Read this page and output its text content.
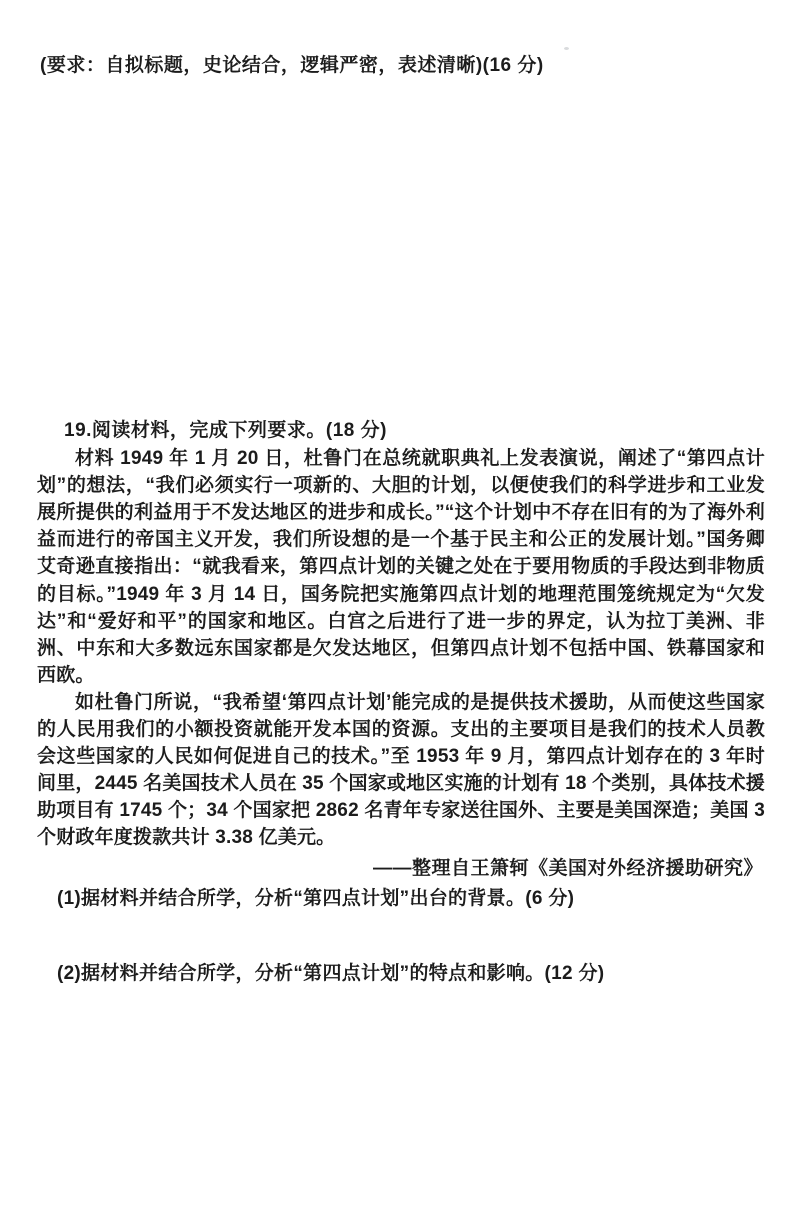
(要求：自拟标题，史论结合，逻辑严密，表述清晰)(16 分)

19.阅读材料，完成下列要求。(18 分)

材料 1949 年 1 月 20 日，杜鲁门在总统就职典礼上发表演说，阐述了“第四点计划”的想法，“我们必须实行一项新的、大胆的计划，以便使我们的科学进步和工业发展所提供的利益用于不发达地区的进步和成长。”“这个计划中不存在旧有的为了海外利益而进行的帝国主义开发，我们所设想的是一个基于民主和公正的发展计划。”国务卿艾奇逊直接指出：“就我看来，第四点计划的关键之处在于要用物质的手段达到非物质的目标。”1949 年 3 月 14 日，国务院把实施第四点计划的地理范围笼统规定为“欠发达”和“爱好和平”的国家和地区。白宫之后进行了进一步的界定，认为拉丁美洲、非洲、中东和大多数远东国家都是欠发达地区，但第四点计划不包括中国、铁幕国家和西欧。

如杜鲁门所说，“我希望‘第四点计划’能完成的是提供技术援助，从而使这些国家的人民用我们的小额投资就能开发本国的资源。支出的主要项目是我们的技术人员教会这些国家的人民如何促进自己的技术。”至 1953 年 9 月，第四点计划存在的 3 年时间里，2445 名美国技术人员在 35 个国家或地区实施的计划有 18 个类别，具体技术援助项目有 1745 个；34 个国家把 2862 名青年专家送往国外、主要是美国深造；美国 3 个财政年度拨款共计 3.38 亿美元。

——整理自王箫轲《美国对外经济援助研究》

(1)据材料并结合所学，分析“第四点计划”出台的背景。(6 分)

(2)据材料并结合所学，分析“第四点计划”的特点和影响。(12 分)
